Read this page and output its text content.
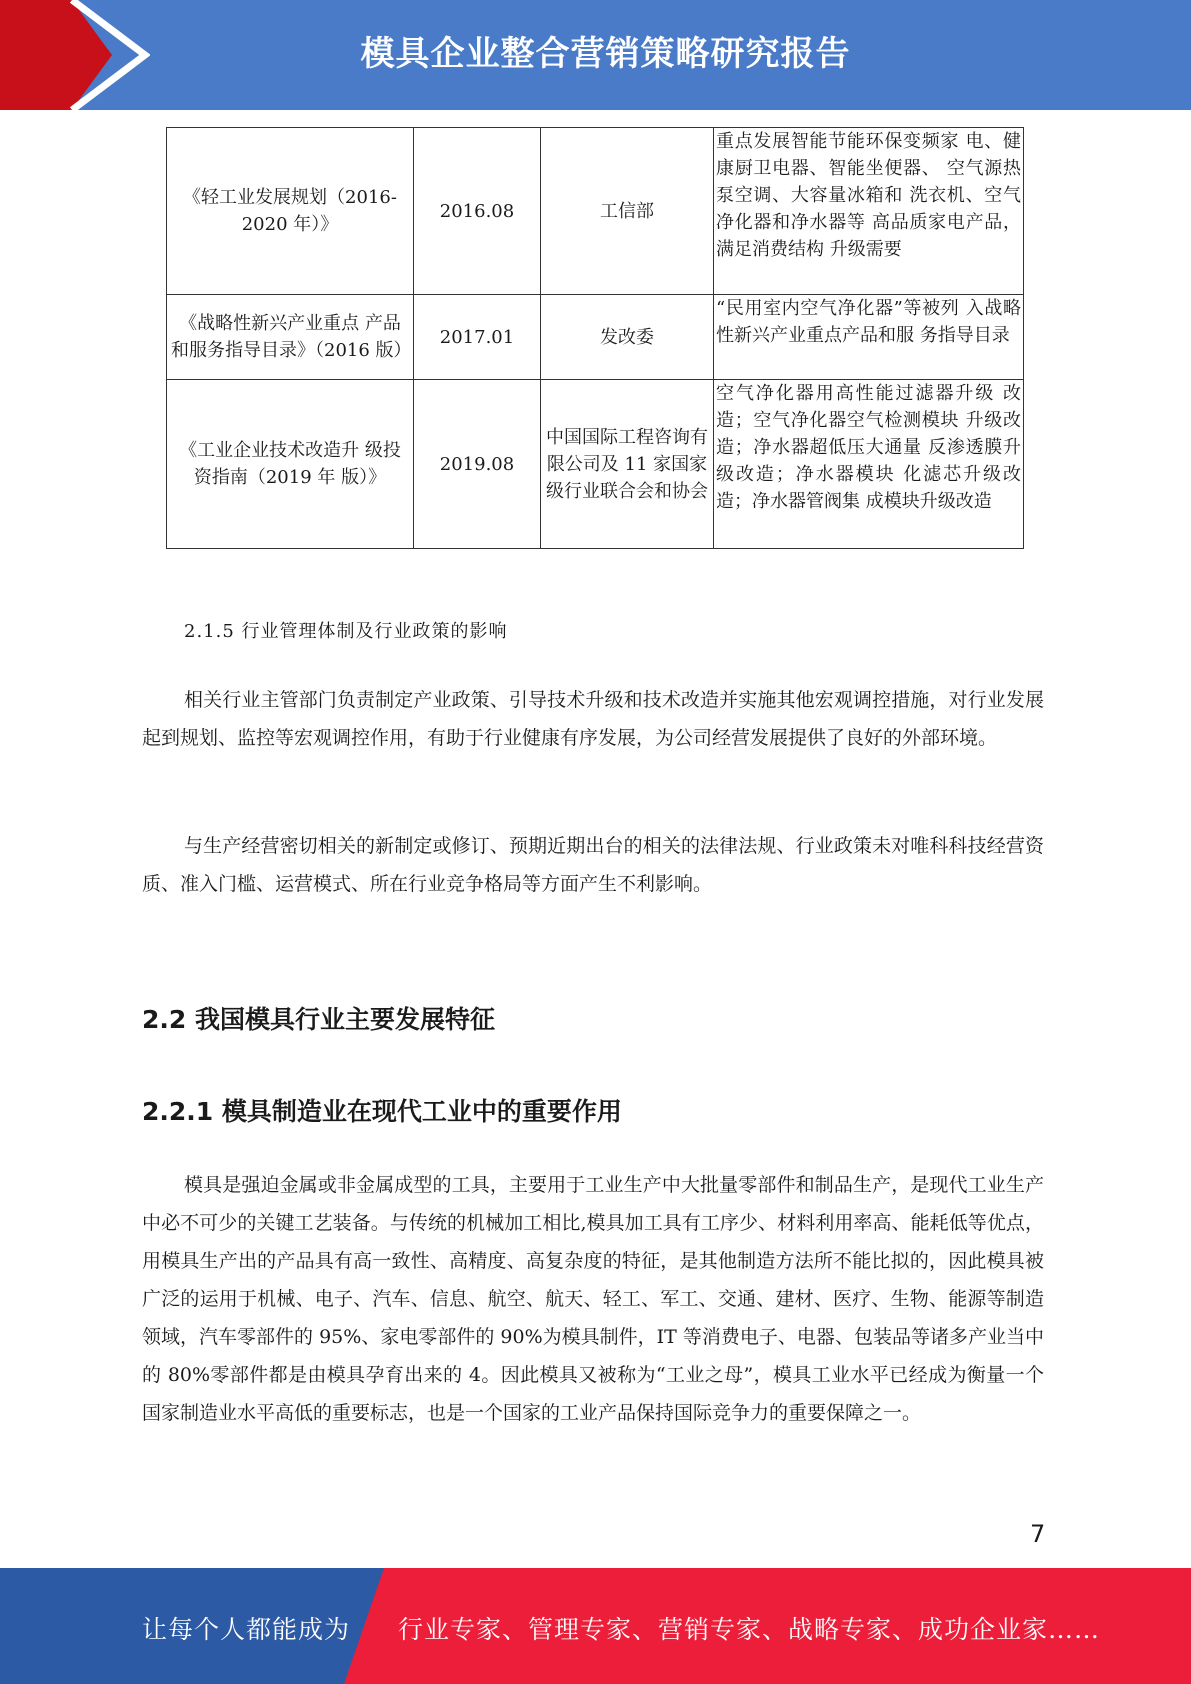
模具企业整合营销策略研究报告
《轻工业发展规划（2016-2020 年）》	2016.08	工信部	重点发展智能节能环保变频家 电、健康厨卫电器、智能坐便器、 空气源热泵空调、大容量冰箱和 洗衣机、空气净化器和净水器等 高品质家电产品，满足消费结构 升级需要
《战略性新兴产业重点 产品和服务指导目录》（2016 版）	2017.01	发改委	“民用室内空气净化器”等被列 入战略性新兴产业重点产品和服 务指导目录
《工业企业技术改造升 级投资指南（2019 年 版）》	2019.08	中国国际工程咨询有限公司及 11 家国家级行业联合会和协会	空气净化器用高性能过滤器升级 改造；空气净化器空气检测模块 升级改造；净水器超低压大通量 反渗透膜升级改造；净水器模块 化滤芯升级改造；净水器管阀集 成模块升级改造
2.1.5 行业管理体制及行业政策的影响
相关行业主管部门负责制定产业政策、引导技术升级和技术改造并实施其他宏观调控措施，对行业发展起到规划、监控等宏观调控作用，有助于行业健康有序发展，为公司经营发展提供了良好的外部环境。
与生产经营密切相关的新制定或修订、预期近期出台的相关的法律法规、行业政策未对唯科科技经营资质、准入门槛、运营模式、所在行业竞争格局等方面产生不利影响。
2.2 我国模具行业主要发展特征
2.2.1 模具制造业在现代工业中的重要作用
模具是强迫金属或非金属成型的工具，主要用于工业生产中大批量零部件和制品生产，是现代工业生产中必不可少的关键工艺装备。与传统的机械加工相比,模具加工具有工序少、材料利用率高、能耗低等优点，用模具生产出的产品具有高一致性、高精度、高复杂度的特征，是其他制造方法所不能比拟的，因此模具被广泛的运用于机械、电子、汽车、信息、航空、航天、轻工、军工、交通、建材、医疗、生物、能源等制造领域，汽车零部件的 95%、家电零部件的 90%为模具制件，IT 等消费电子、电器、包装品等诸多产业当中的 80%零部件都是由模具孕育出来的 4。因此模具又被称为“工业之母”，模具工业水平已经成为衡量一个国家制造业水平高低的重要标志，也是一个国家的工业产品保持国际竞争力的重要保障之一。
7
让每个人都能成为 行业专家、管理专家、营销专家、战略专家、成功企业家……
